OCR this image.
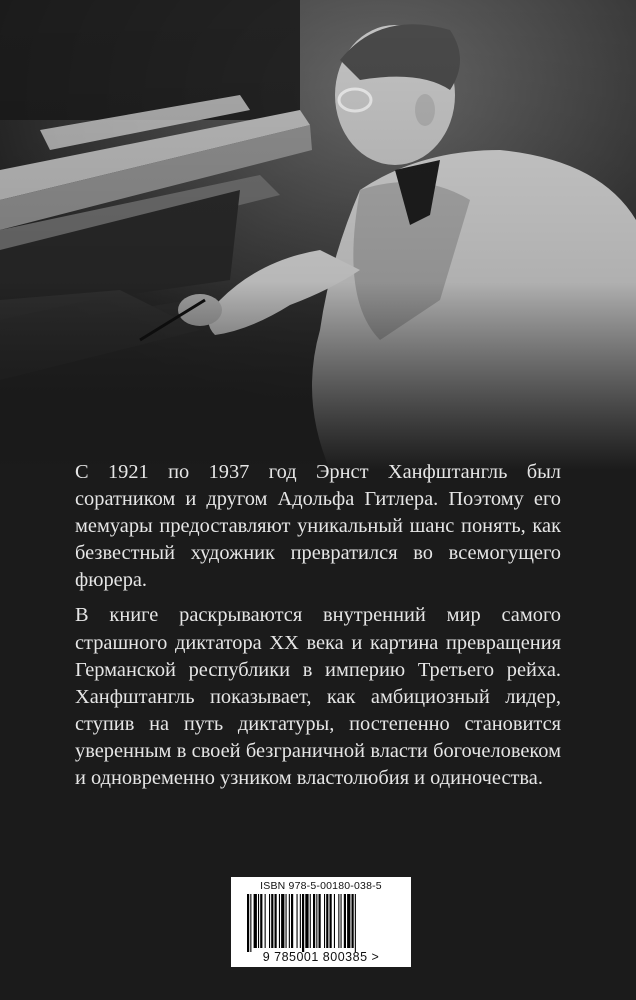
С 1921 по 1937 год Эрнст Ханфштангль был соратником и другом Адольфа Гитлера. Поэтому его мемуары предоставляют уникальный шанс понять, как безвестный художник превратился во всемогущего фюрера.

В книге раскрываются внутренний мир самого страшного диктатора XX века и картина превращения Германской республики в империю Третьего рейха. Ханфштангль показывает, как амбициозный лидер, ступив на путь диктатуры, постепенно становится уверенным в своей безграничной власти богочеловеком и одновременно узником властолюбия и одиночества.

ISBN 978-5-00180-038-5
9 785001 800385 >
